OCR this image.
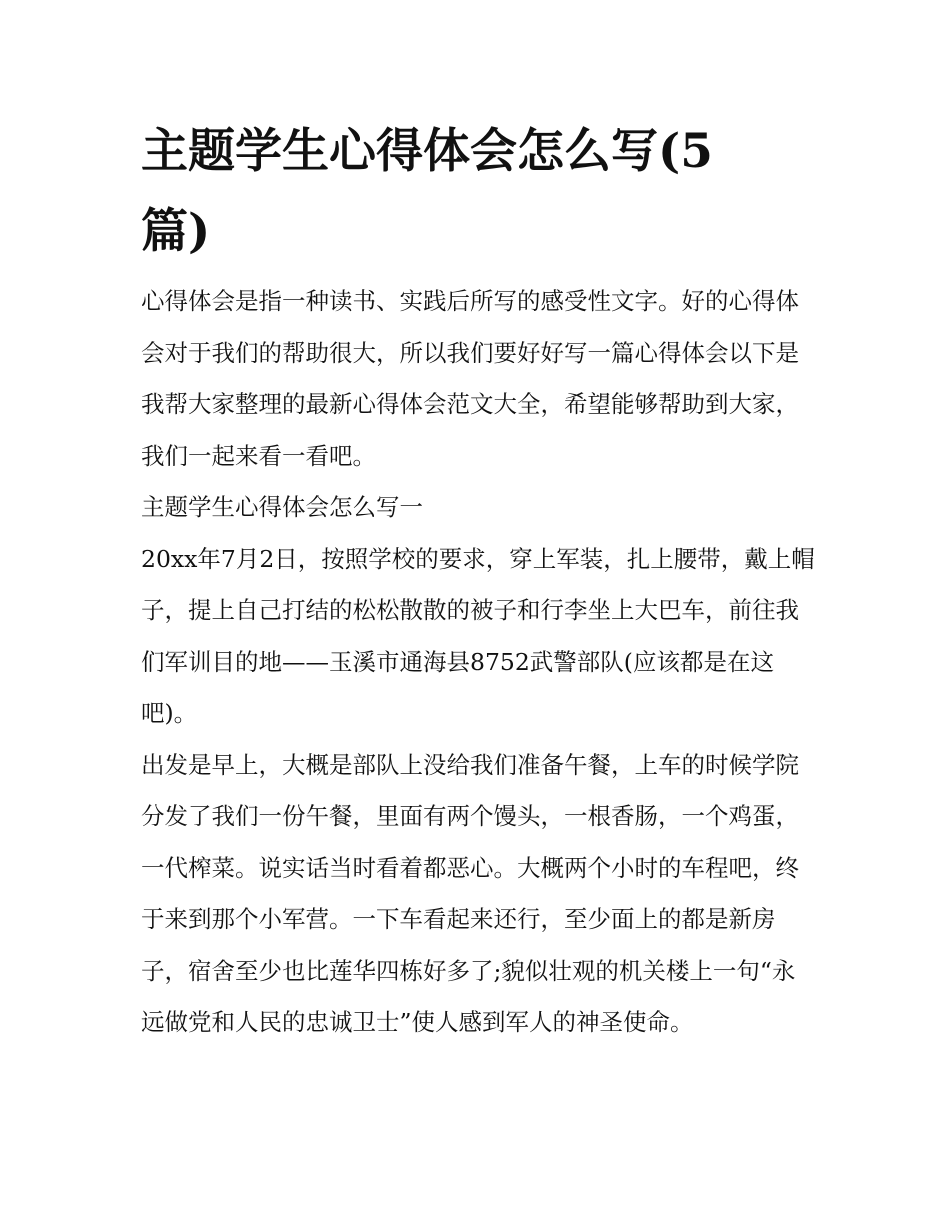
主题学生心得体会怎么写(5篇)

心得体会是指一种读书、实践后所写的感受性文字。好的心得体会对于我们的帮助很大，所以我们要好好写一篇心得体会以下是我帮大家整理的最新心得体会范文大全，希望能够帮助到大家，我们一起来看一看吧。

主题学生心得体会怎么写一

20xx年7月2日，按照学校的要求，穿上军装，扎上腰带，戴上帽子，提上自己打结的松松散散的被子和行李坐上大巴车，前往我们军训目的地——玉溪市通海县8752武警部队(应该都是在这吧)。

出发是早上，大概是部队上没给我们准备午餐，上车的时候学院分发了我们一份午餐，里面有两个馒头，一根香肠，一个鸡蛋，一代榨菜。说实话当时看着都恶心。大概两个小时的车程吧，终于来到那个小军营。一下车看起来还行，至少面上的都是新房子，宿舍至少也比莲华四栋好多了;貌似壮观的机关楼上一句“永远做党和人民的忠诚卫士”使人感到军人的神圣使命。
